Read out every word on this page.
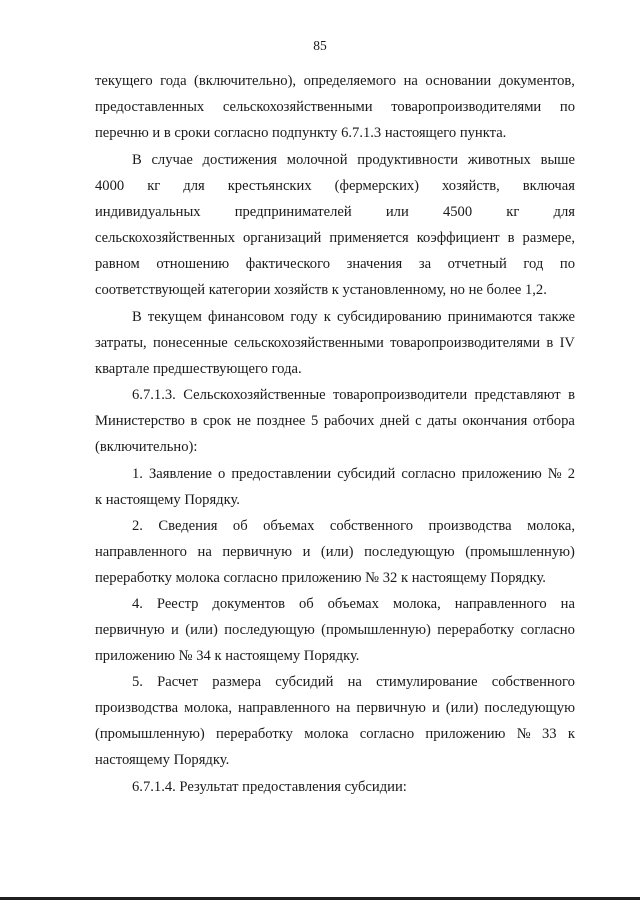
85
текущего года (включительно), определяемого на основании документов,
предоставленных сельскохозяйственными товаропроизводителями по
перечню и в сроки согласно подпункту 6.7.1.3 настоящего пункта.
В случае достижения молочной продуктивности животных выше
4000 кг для крестьянских (фермерских) хозяйств, включая
индивидуальных предпринимателей или 4500 кг для
сельскохозяйственных организаций применяется коэффициент в размере,
равном отношению фактического значения за отчетный год по
соответствующей категории хозяйств к установленному, но не более 1,2.
В текущем финансовом году к субсидированию принимаются также
затраты, понесенные сельскохозяйственными товаропроизводителями в IV
квартале предшествующего года.
6.7.1.3. Сельскохозяйственные товаропроизводители представляют в
Министерство в срок не позднее 5 рабочих дней с даты окончания отбора
(включительно):
1. Заявление о предоставлении субсидий согласно приложению № 2
к настоящему Порядку.
2. Сведения об объемах собственного производства молока,
направленного на первичную и (или) последующую (промышленную)
переработку молока согласно приложению № 32 к настоящему Порядку.
4. Реестр документов об объемах молока, направленного на
первичную и (или) последующую (промышленную) переработку согласно
приложению № 34 к настоящему Порядку.
5. Расчет размера субсидий на стимулирование собственного
производства молока, направленного на первичную и (или) последующую
(промышленную) переработку молока согласно приложению № 33 к
настоящему Порядку.
6.7.1.4. Результат предоставления субсидии:
